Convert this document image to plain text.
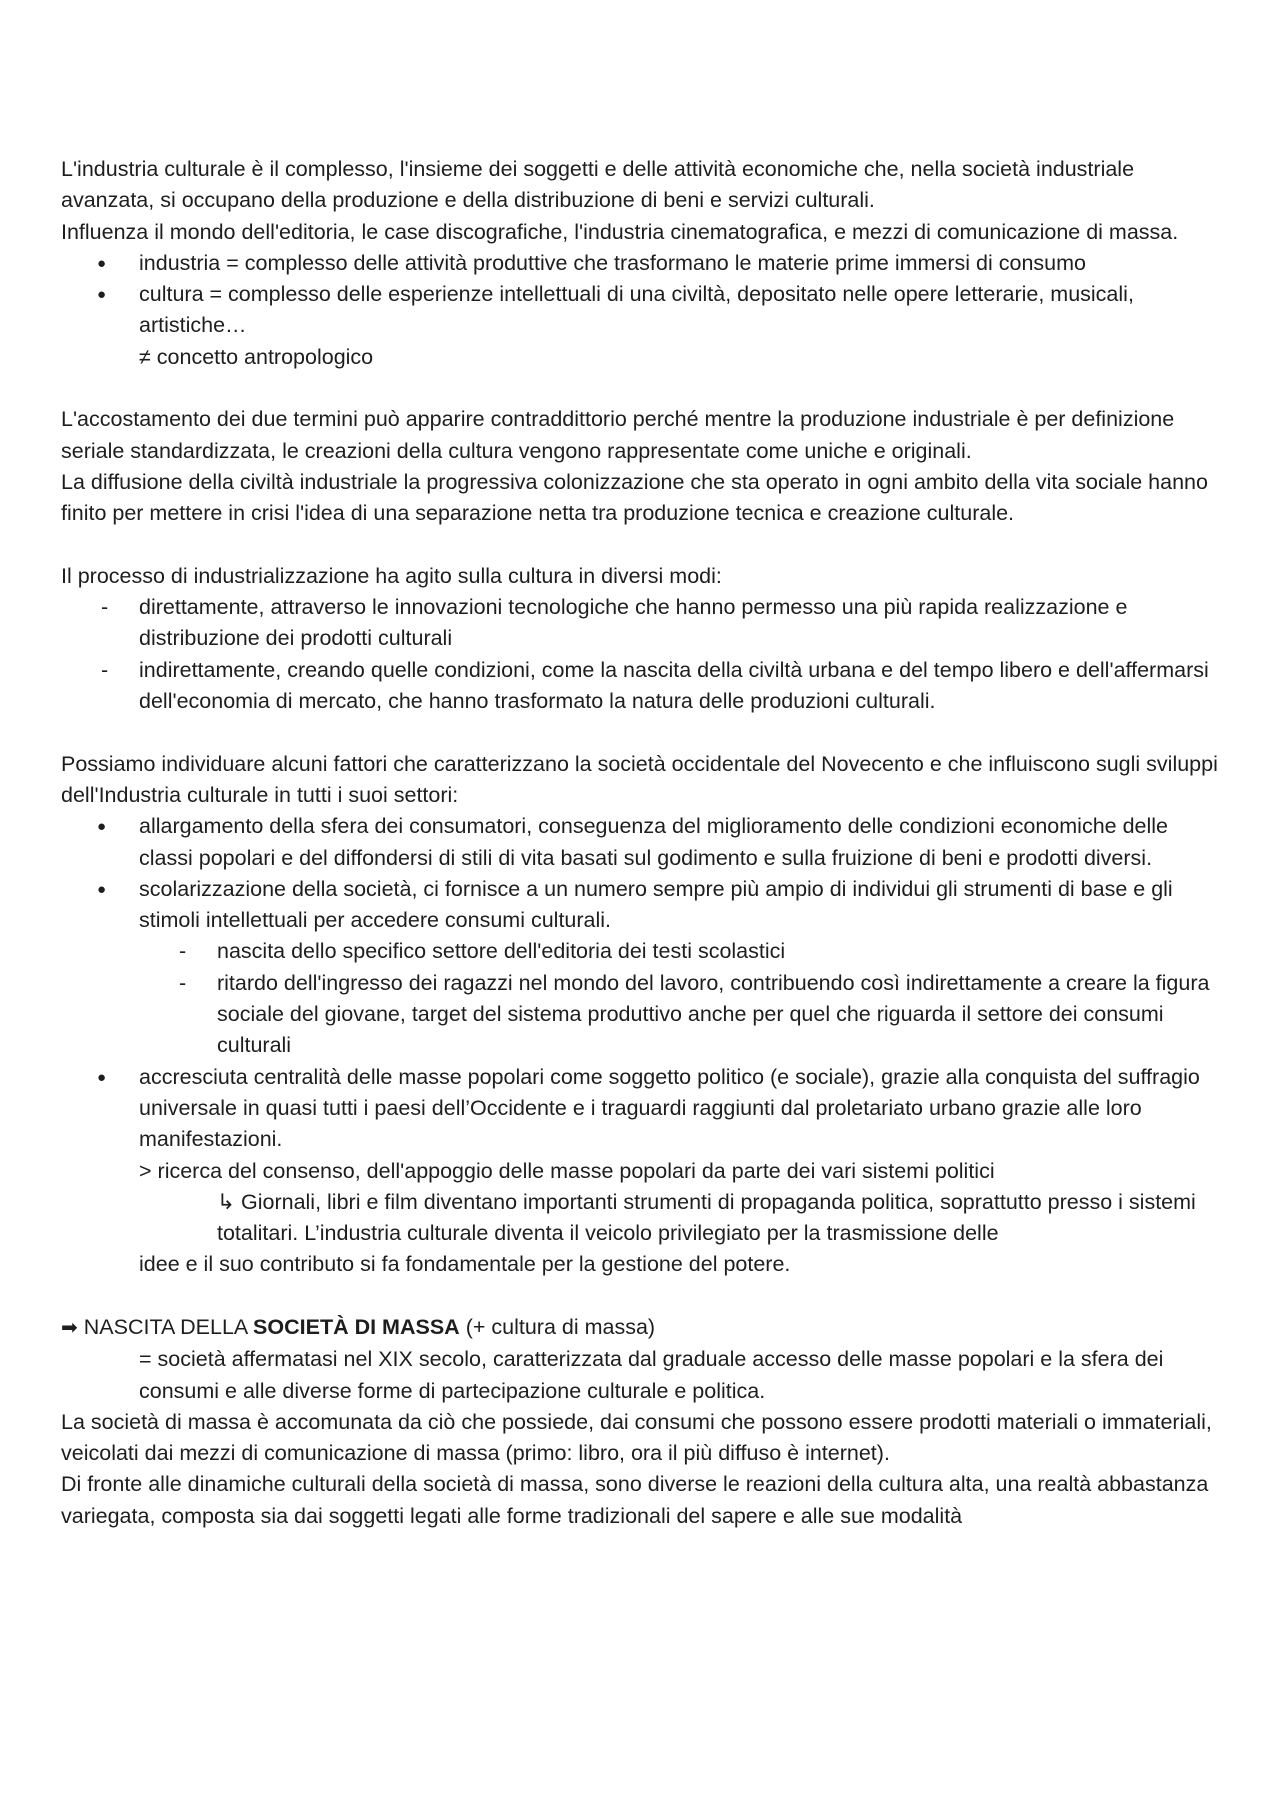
L'industria culturale è il complesso, l'insieme dei soggetti e delle attività economiche che, nella società industriale avanzata, si occupano della produzione e della distribuzione di beni e servizi culturali.

Influenza il mondo dell'editoria, le case discografiche, l'industria cinematografica, e mezzi di comunicazione di massa.

● industria = complesso delle attività produttive che trasformano le materie prime immersi di consumo
● cultura = complesso delle esperienze intellettuali di una civiltà, depositato nelle opere letterarie, musicali, artistiche…

≠ concetto antropologico

L'accostamento dei due termini può apparire contraddittorio perché mentre la produzione industriale è per definizione seriale standardizzata, le creazioni della cultura vengono rappresentate come uniche e originali.

La diffusione della civiltà industriale la progressiva colonizzazione che sta operato in ogni ambito della vita sociale hanno finito per mettere in crisi l'idea di una separazione netta tra produzione tecnica e creazione culturale.

Il processo di industrializzazione ha agito sulla cultura in diversi modi:

- direttamente, attraverso le innovazioni tecnologiche che hanno permesso una più rapida realizzazione e distribuzione dei prodotti culturali
- indirettamente, creando quelle condizioni, come la nascita della civiltà urbana e del tempo libero e dell'affermarsi dell'economia di mercato, che hanno trasformato la natura delle produzioni culturali.

Possiamo individuare alcuni fattori che caratterizzano la società occidentale del Novecento e che influiscono sugli sviluppi dell'Industria culturale in tutti i suoi settori:

● allargamento della sfera dei consumatori, conseguenza del miglioramento delle condizioni economiche delle classi popolari e del diffondersi di stili di vita basati sul godimento e sulla fruizione di beni e prodotti diversi.
● scolarizzazione della società, ci fornisce a un numero sempre più ampio di individui gli strumenti di base e gli stimoli intellettuali per accedere consumi culturali.
- nascita dello specifico settore dell'editoria dei testi scolastici
- ritardo dell'ingresso dei ragazzi nel mondo del lavoro, contribuendo così indirettamente a creare la figura sociale del giovane, target del sistema produttivo anche per quel che riguarda il settore dei consumi culturali
● accresciuta centralità delle masse popolari come soggetto politico (e sociale), grazie alla conquista del suffragio universale in quasi tutti i paesi dell’Occidente e i traguardi raggiunti dal proletariato urbano grazie alle loro manifestazioni.

> ricerca del consenso, dell'appoggio delle masse popolari da parte dei vari sistemi politici

↳ Giornali, libri e film diventano importanti strumenti di propaganda politica, soprattutto presso i sistemi totalitari. L’industria culturale diventa il veicolo privilegiato per la trasmissione delle

idee e il suo contributo si fa fondamentale per la gestione del potere.

➡ NASCITA DELLA SOCIETÀ DI MASSA (+ cultura di massa)

= società affermatasi nel XIX secolo, caratterizzata dal graduale accesso delle masse popolari e la sfera dei consumi e alle diverse forme di partecipazione culturale e politica.

La società di massa è accomunata da ciò che possiede, dai consumi che possono essere prodotti materiali o immateriali, veicolati dai mezzi di comunicazione di massa (primo: libro, ora il più diffuso è internet).

Di fronte alle dinamiche culturali della società di massa, sono diverse le reazioni della cultura alta, una realtà abbastanza variegata, composta sia dai soggetti legati alle forme tradizionali del sapere e alle sue modalità
